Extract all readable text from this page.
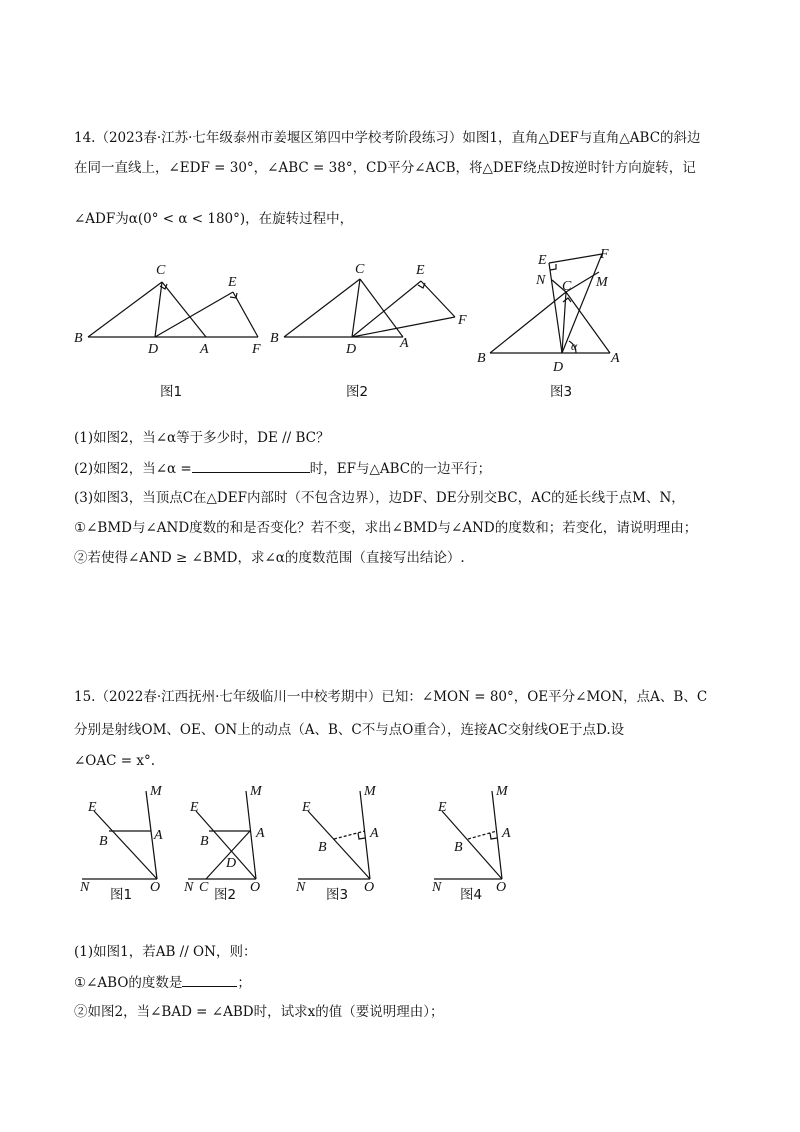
14.（2023春·江苏·七年级泰州市姜堰区第四中学校考阶段练习）如图1，直角△DEF与直角△ABC的斜边
在同一直线上，∠EDF = 30°，∠ABC = 38°，CD平分∠ACB，将△DEF绕点D按逆时针方向旋转，记
∠ADF为α(0° < α < 180°)，在旋转过程中，
B
C
D	A
E
F
图1
B
C
D	A
E
F
图2
B
C
D
A
E	F
M
N
α
图3
(1)如图2，当∠α等于多少时，DE // BC？
(2)如图2，当∠α =	时，EF与△ABC的一边平行；
(3)如图3，当顶点C在△DEF内部时（不包含边界），边DF、DE分别交BC，AC的延长线于点M、N，
①∠BMD与∠AND度数的和是否变化？若不变，求出∠BMD与∠AND的度数和；若变化，请说明理由；
②若使得∠AND ≥ ∠BMD，求∠α的度数范围（直接写出结论）.
15.（2022春·江西抚州·七年级临川一中校考期中）已知：∠MON = 80°，OE平分∠MON，点A、B、C
分别是射线OM、OE、ON上的动点（A、B、C不与点O重合），连接AC交射线OE于点D.设
∠OAC = x°.
M
E
A
B
N	O
图1
M
E
A
B
D
N C	O
图2
M
E
A
B
N	O
图3
M
E
A
B
N	O
图4
(1)如图1，若AB // ON，则：
①∠ABO的度数是	；
②如图2，当∠BAD = ∠ABD时，试求x的值（要说明理由）；
